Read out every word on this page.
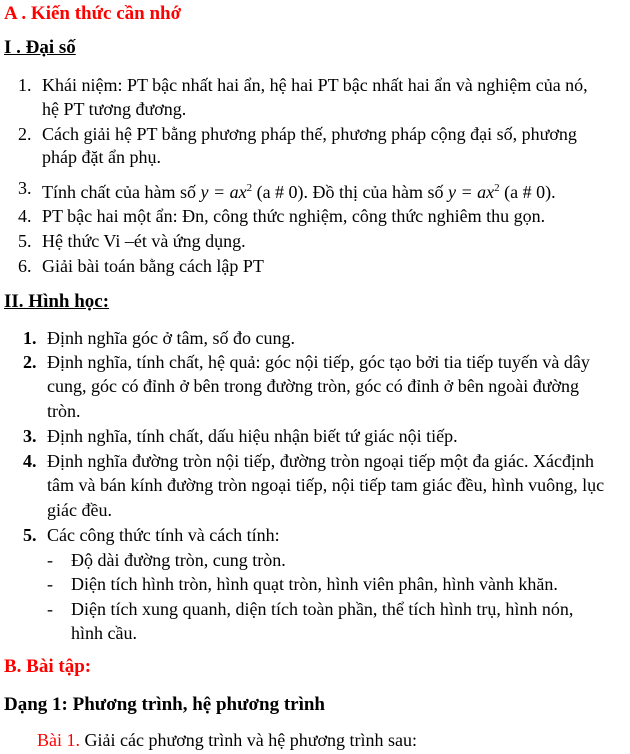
A . Kiến thức cần nhớ
I . Đại số
1. Khái niệm: PT bậc nhất hai ẩn, hệ hai PT bậc nhất hai ẩn và nghiệm của nó,
hệ PT tương đương.
2. Cách giải hệ PT bằng phương pháp thế, phương pháp cộng đại số, phương
pháp đặt ẩn phụ.
3. Tính chất của hàm số $y = ax^2$ (a # 0). Đồ thị của hàm số $y = ax^2$ (a # 0).
4. PT bậc hai một ẩn: Đn, công thức nghiệm, công thức nghiêm thu gọn.
5. Hệ thức Vi –ét và ứng dụng.
6. Giải bài toán bằng cách lập PT
II. Hình học:
1. Định nghĩa góc ở tâm, số đo cung.
2. Định nghĩa, tính chất, hệ quả: góc nội tiếp, góc tạo bởi tia tiếp tuyến và dây
cung, góc có đỉnh ở bên trong đường tròn, góc có đỉnh ở bên ngoài đường
tròn.
3. Định nghĩa, tính chất, dấu hiệu nhận biết tứ giác nội tiếp.
4. Định nghĩa đường tròn nội tiếp, đường tròn ngoại tiếp một đa giác. Xácđịnh
tâm và bán kính đường tròn ngoại tiếp, nội tiếp tam giác đều, hình vuông, lục
giác đều.
5. Các công thức tính và cách tính:
- Độ dài đường tròn, cung tròn.
- Diện tích hình tròn, hình quạt tròn, hình viên phân, hình vành khăn.
- Diện tích xung quanh, diện tích toàn phần, thể tích hình trụ, hình nón,
hình cầu.
B. Bài tập:
Dạng 1: Phương trình, hệ phương trình
Bài 1. Giải các phương trình và hệ phương trình sau:
